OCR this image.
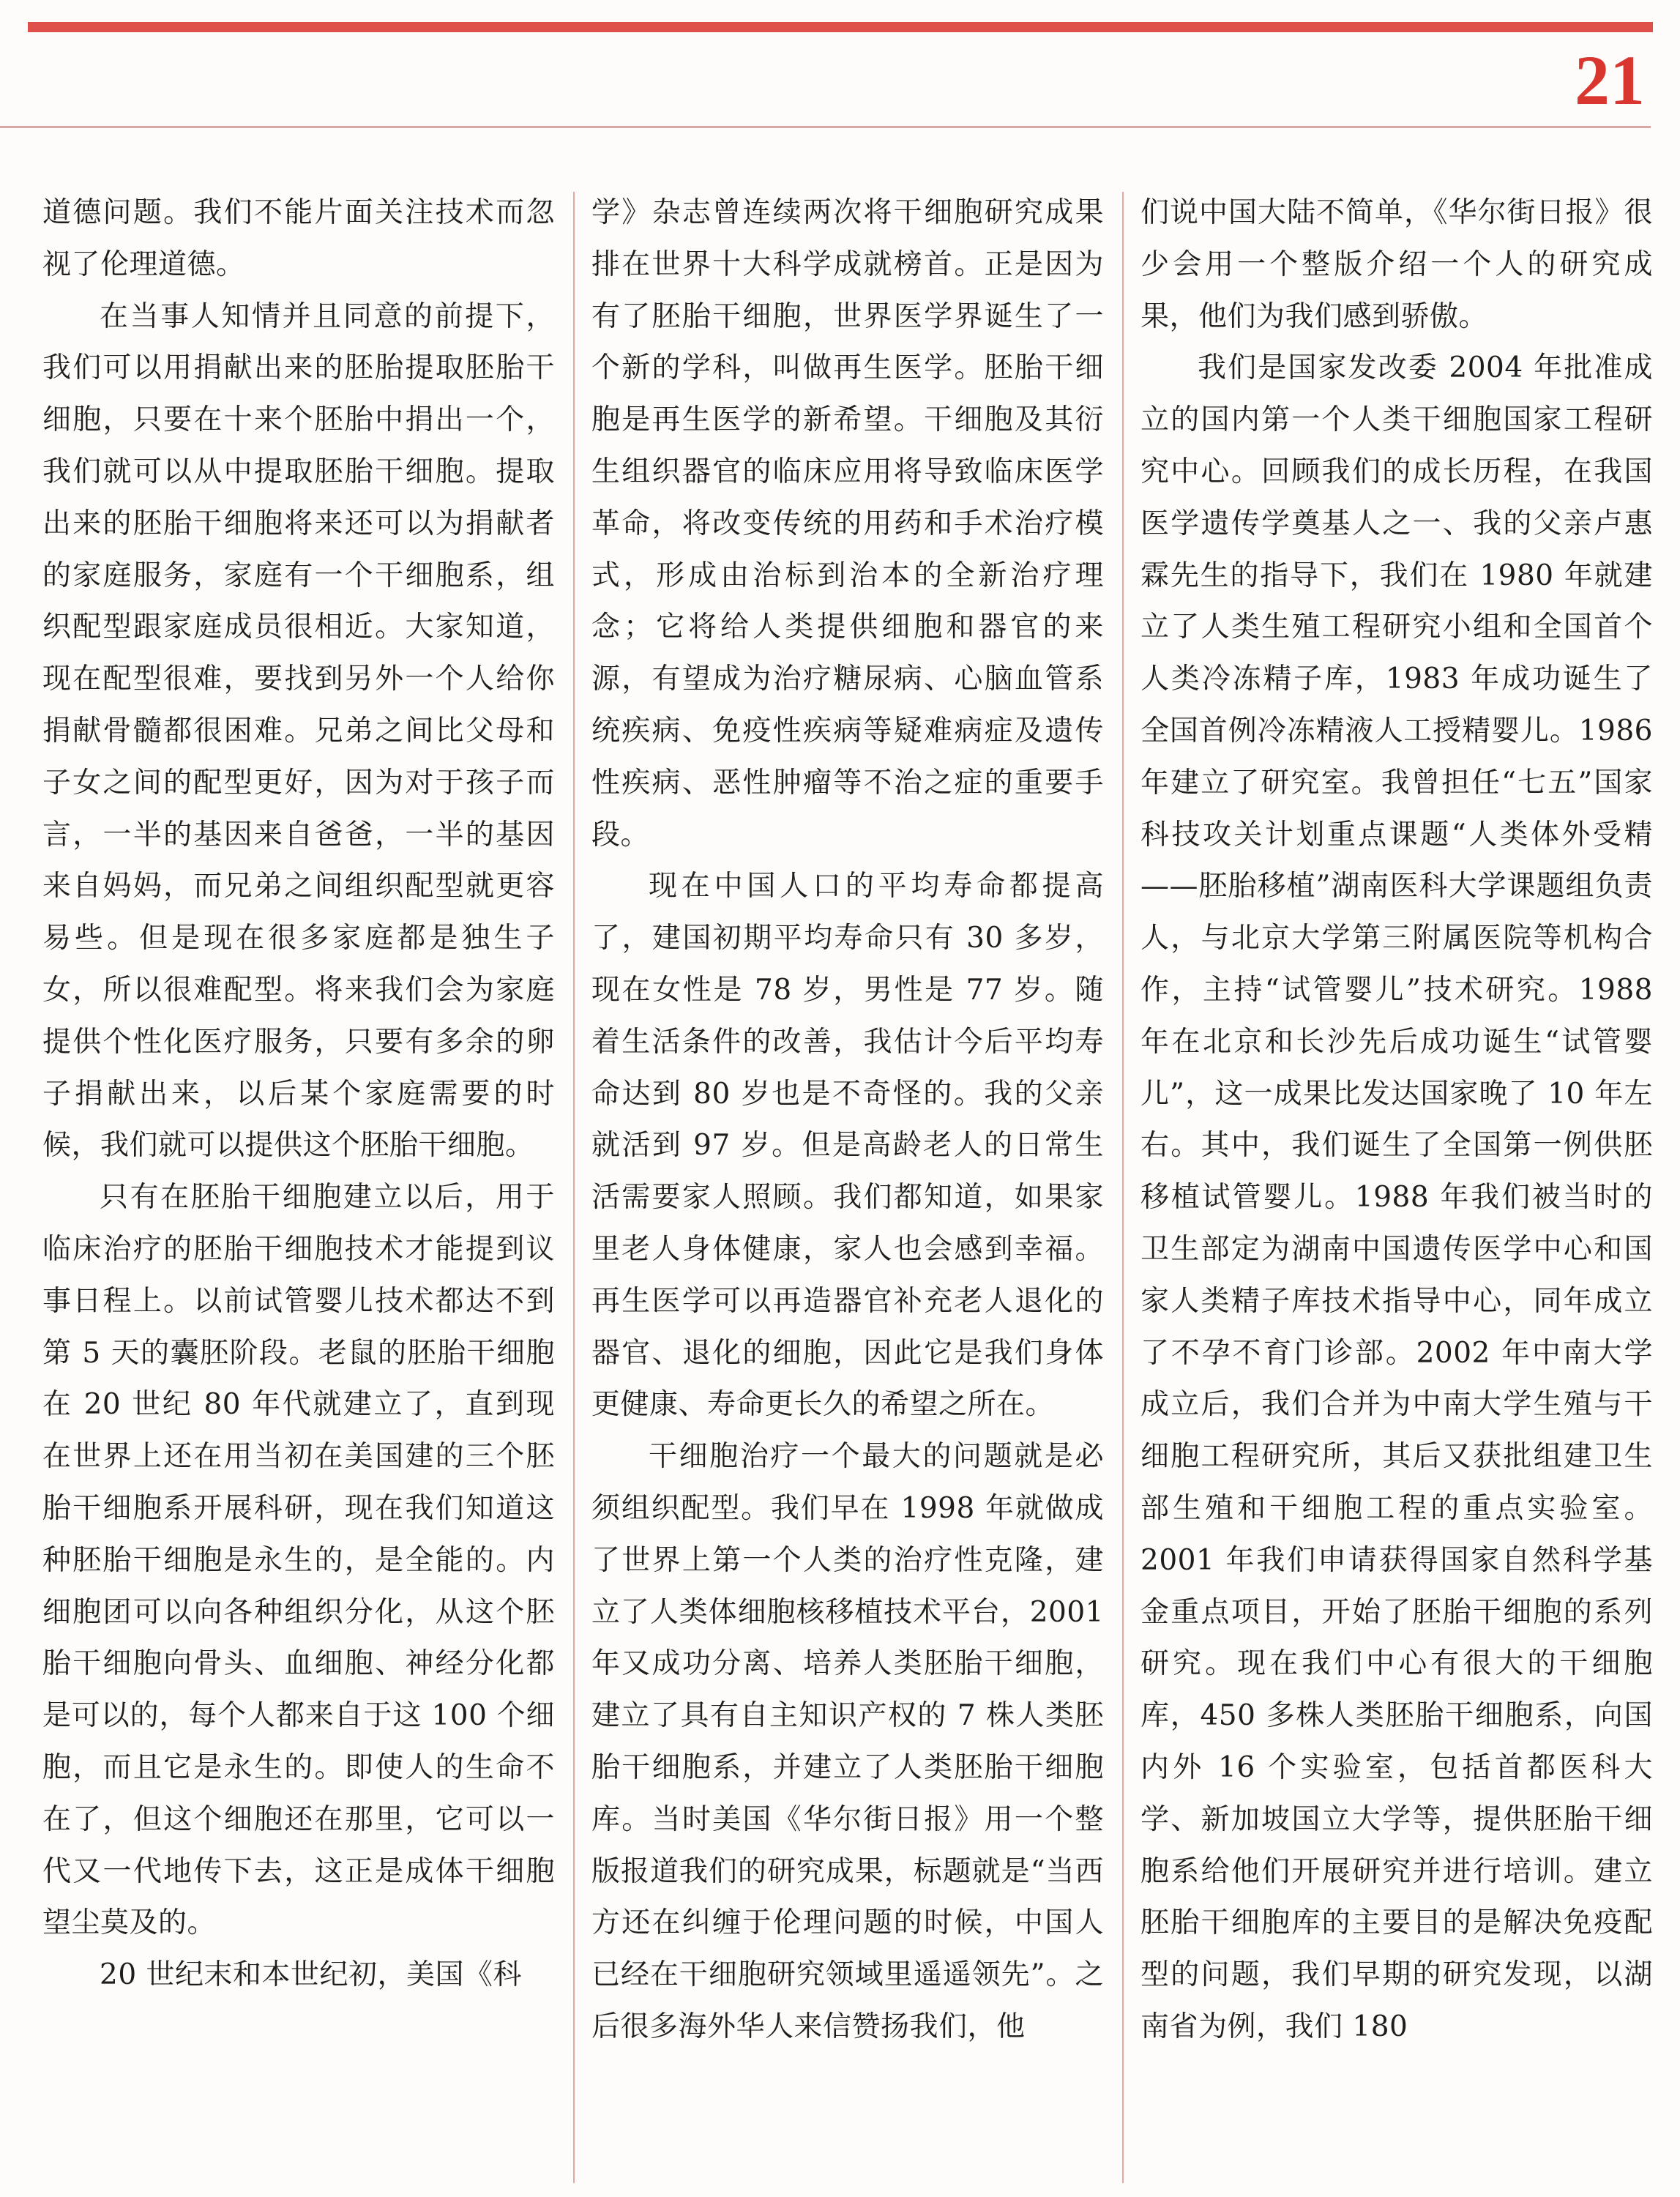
21

道德问题。我们不能片面关注技术而忽视了伦理道德。

在当事人知情并且同意的前提下，我们可以用捐献出来的胚胎提取胚胎干细胞，只要在十来个胚胎中捐出一个，我们就可以从中提取胚胎干细胞。提取出来的胚胎干细胞将来还可以为捐献者的家庭服务，家庭有一个干细胞系，组织配型跟家庭成员很相近。大家知道，现在配型很难，要找到另外一个人给你捐献骨髓都很困难。兄弟之间比父母和子女之间的配型更好，因为对于孩子而言，一半的基因来自爸爸，一半的基因来自妈妈，而兄弟之间组织配型就更容易些。但是现在很多家庭都是独生子女，所以很难配型。将来我们会为家庭提供个性化医疗服务，只要有多余的卵子捐献出来，以后某个家庭需要的时候，我们就可以提供这个胚胎干细胞。

只有在胚胎干细胞建立以后，用于临床治疗的胚胎干细胞技术才能提到议事日程上。以前试管婴儿技术都达不到第 5 天的囊胚阶段。老鼠的胚胎干细胞在 20 世纪 80 年代就建立了，直到现在世界上还在用当初在美国建的三个胚胎干细胞系开展科研，现在我们知道这种胚胎干细胞是永生的，是全能的。内细胞团可以向各种组织分化，从这个胚胎干细胞向骨头、血细胞、神经分化都是可以的，每个人都来自于这 100 个细胞，而且它是永生的。即使人的生命不在了，但这个细胞还在那里，它可以一代又一代地传下去，这正是成体干细胞望尘莫及的。

20 世纪末和本世纪初，美国《科

学》杂志曾连续两次将干细胞研究成果排在世界十大科学成就榜首。正是因为有了胚胎干细胞，世界医学界诞生了一个新的学科，叫做再生医学。胚胎干细胞是再生医学的新希望。干细胞及其衍生组织器官的临床应用将导致临床医学革命，将改变传统的用药和手术治疗模式，形成由治标到治本的全新治疗理念；它将给人类提供细胞和器官的来源，有望成为治疗糖尿病、心脑血管系统疾病、免疫性疾病等疑难病症及遗传性疾病、恶性肿瘤等不治之症的重要手段。

现在中国人口的平均寿命都提高了，建国初期平均寿命只有 30 多岁，现在女性是 78 岁，男性是 77 岁。随着生活条件的改善，我估计今后平均寿命达到 80 岁也是不奇怪的。我的父亲就活到 97 岁。但是高龄老人的日常生活需要家人照顾。我们都知道，如果家里老人身体健康，家人也会感到幸福。再生医学可以再造器官补充老人退化的器官、退化的细胞，因此它是我们身体更健康、寿命更长久的希望之所在。

干细胞治疗一个最大的问题就是必须组织配型。我们早在 1998 年就做成了世界上第一个人类的治疗性克隆，建立了人类体细胞核移植技术平台，2001 年又成功分离、培养人类胚胎干细胞，建立了具有自主知识产权的 7 株人类胚胎干细胞系，并建立了人类胚胎干细胞库。当时美国《华尔街日报》用一个整版报道我们的研究成果，标题就是“当西方还在纠缠于伦理问题的时候，中国人已经在干细胞研究领域里遥遥领先”。之后很多海外华人来信赞扬我们，他

们说中国大陆不简单，《华尔街日报》很少会用一个整版介绍一个人的研究成果，他们为我们感到骄傲。

我们是国家发改委 2004 年批准成立的国内第一个人类干细胞国家工程研究中心。回顾我们的成长历程，在我国医学遗传学奠基人之一、我的父亲卢惠霖先生的指导下，我们在 1980 年就建立了人类生殖工程研究小组和全国首个人类冷冻精子库，1983 年成功诞生了全国首例冷冻精液人工授精婴儿。1986 年建立了研究室。我曾担任“七五”国家科技攻关计划重点课题“人类体外受精——胚胎移植”湖南医科大学课题组负责人，与北京大学第三附属医院等机构合作，主持“试管婴儿”技术研究。1988 年在北京和长沙先后成功诞生“试管婴儿”，这一成果比发达国家晚了 10 年左右。其中，我们诞生了全国第一例供胚移植试管婴儿。1988 年我们被当时的卫生部定为湖南中国遗传医学中心和国家人类精子库技术指导中心，同年成立了不孕不育门诊部。2002 年中南大学成立后，我们合并为中南大学生殖与干细胞工程研究所，其后又获批组建卫生部生殖和干细胞工程的重点实验室。2001 年我们申请获得国家自然科学基金重点项目，开始了胚胎干细胞的系列研究。现在我们中心有很大的干细胞库，450 多株人类胚胎干细胞系，向国内外 16 个实验室，包括首都医科大学、新加坡国立大学等，提供胚胎干细胞系给他们开展研究并进行培训。建立胚胎干细胞库的主要目的是解决免疫配型的问题，我们早期的研究发现，以湖南省为例，我们 180
